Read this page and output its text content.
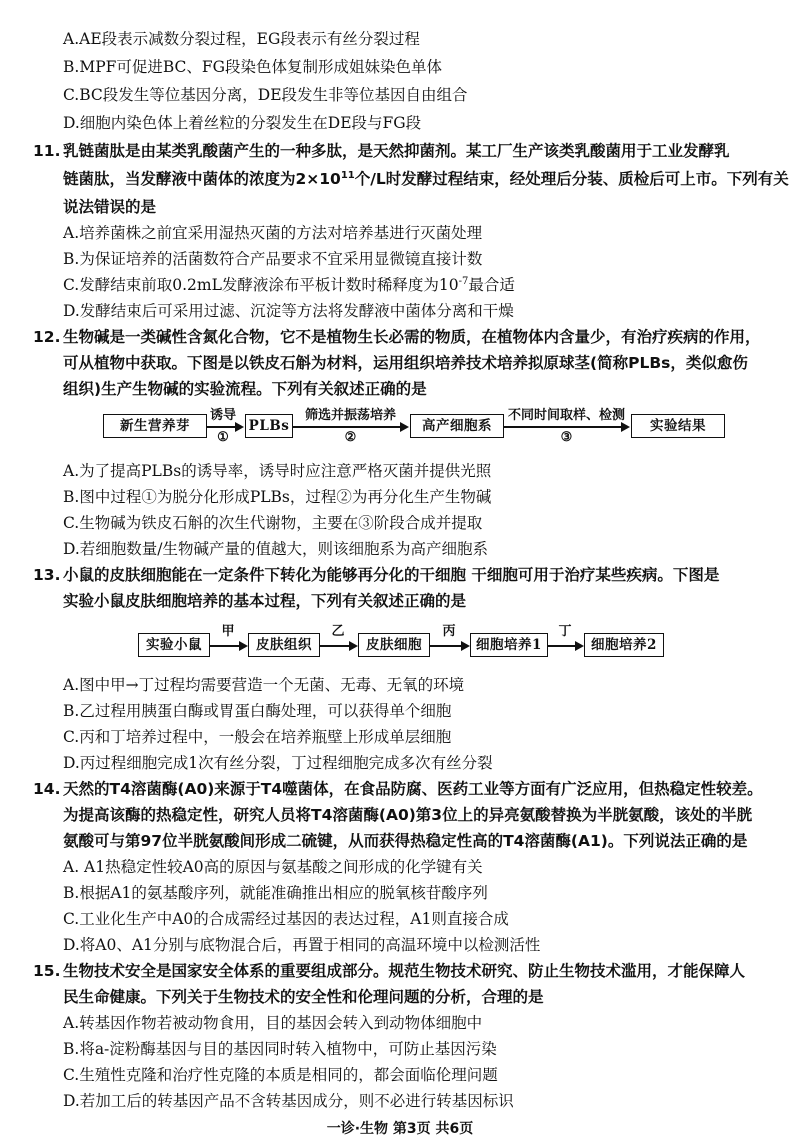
A.AE段表示减数分裂过程，EG段表示有丝分裂过程
B.MPF可促进BC、FG段染色体复制形成姐妹染色单体
C.BC段发生等位基因分离，DE段发生非等位基因自由组合
D.细胞内染色体上着丝粒的分裂发生在DE段与FG段
11. 乳链菌肽是由某类乳酸菌产生的一种多肽，是天然抑菌剂。某工厂生产该类乳酸菌用于工业发酵乳
链菌肽，当发酵液中菌体的浓度为$2\times 10^{11}$个/L时发酵过程结束，经处理后分装、质检后可上市。下列有关
说法错误的是
A.培养菌株之前宜采用湿热灭菌的方法对培养基进行灭菌处理
B.为保证培养的活菌数符合产品要求不宜采用显微镜直接计数
C.发酵结束前取0.2mL发酵液涂布平板计数时稀释度为$10^{-7}$最合适
D.发酵结束后可采用过滤、沉淀等方法将发酵液中菌体分离和干燥
12. 生物碱是一类碱性含氮化合物，它不是植物生长必需的物质，在植物体内含量少，有治疗疾病的作用，
可从植物中获取。下图是以铁皮石斛为材料，运用组织培养技术培养拟原球茎(简称PLBs，类似愈伤
组织)生产生物碱的实验流程。下列有关叙述正确的是
新生营养芽	PLBs	高产细胞系	实验结果
诱导
①
筛选并振荡培养
②
不同时间取样、检测
③
A.为了提高PLBs的诱导率，诱导时应注意严格灭菌并提供光照
B.图中过程①为脱分化形成PLBs，过程②为再分化生产生物碱
C.生物碱为铁皮石斛的次生代谢物，主要在③阶段合成并提取
D.若细胞数量/生物碱产量的值越大，则该细胞系为高产细胞系
13. 小鼠的皮肤细胞能在一定条件下转化为能够再分化的干细胞 干细胞可用于治疗某些疾病。下图是
实验小鼠皮肤细胞培养的基本过程，下列有关叙述正确的是
实验小鼠	皮肤组织	皮肤细胞	细胞培养1	细胞培养2
甲	乙	丙	丁
A.图中甲→丁过程均需要营造一个无菌、无毒、无氧的环境
B.乙过程用胰蛋白酶或胃蛋白酶处理，可以获得单个细胞
C.丙和丁培养过程中，一般会在培养瓶壁上形成单层细胞
D.丙过程细胞完成1次有丝分裂，丁过程细胞完成多次有丝分裂
14. 天然的T4溶菌酶(A0)来源于T4噬菌体，在食品防腐、医药工业等方面有广泛应用，但热稳定性较差。
为提高该酶的热稳定性，研究人员将T4溶菌酶(A0)第3位上的异亮氨酸替换为半胱氨酸，该处的半胱
氨酸可与第97位半胱氨酸间形成二硫键，从而获得热稳定性高的T4溶菌酶(A1)。下列说法正确的是
A. A1热稳定性较A0高的原因与氨基酸之间形成的化学键有关
B.根据A1的氨基酸序列，就能准确推出相应的脱氧核苷酸序列
C.工业化生产中A0的合成需经过基因的表达过程，A1则直接合成
D.将A0、A1分别与底物混合后，再置于相同的高温环境中以检测活性
15. 生物技术安全是国家安全体系的重要组成部分。规范生物技术研究、防止生物技术滥用，才能保障人
民生命健康。下列关于生物技术的安全性和伦理问题的分析，合理的是
A.转基因作物若被动物食用，目的基因会转入到动物体细胞中
B.将a-淀粉酶基因与目的基因同时转入植物中，可防止基因污染
C.生殖性克隆和治疗性克隆的本质是相同的，都会面临伦理问题
D.若加工后的转基因产品不含转基因成分，则不必进行转基因标识
一诊·生物 第3页 共6页
